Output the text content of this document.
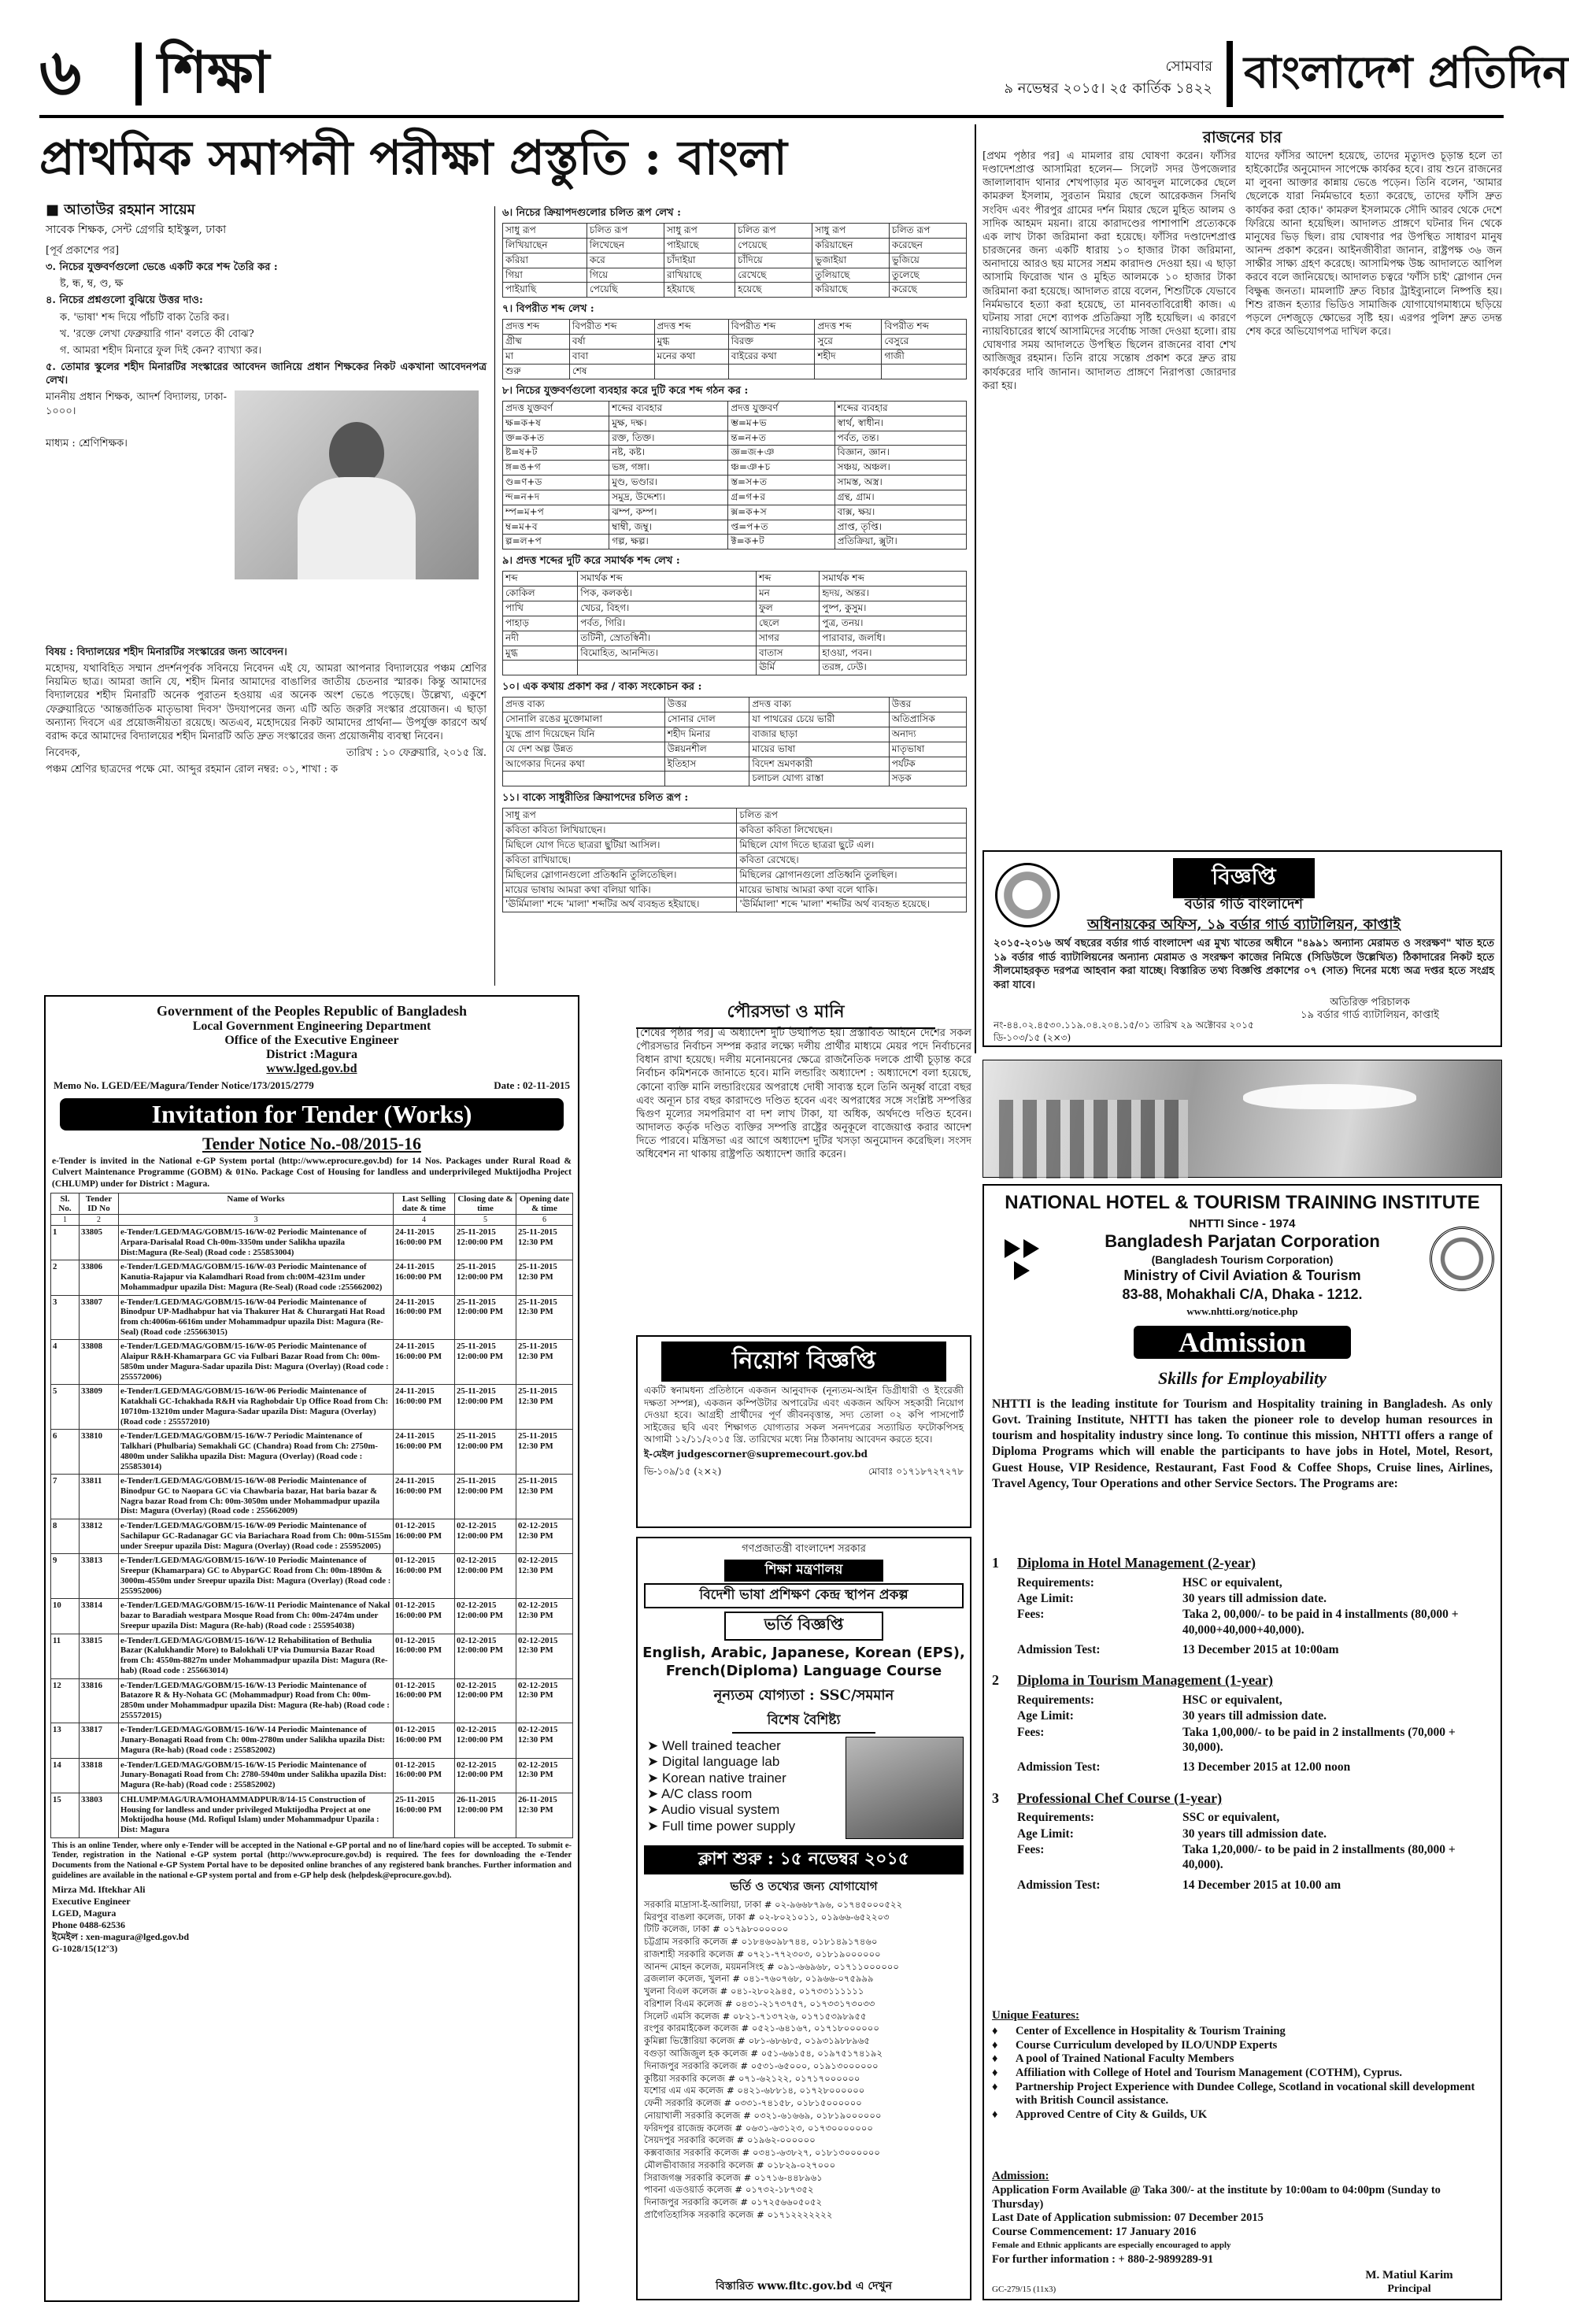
৬ শিক্ষা	সোমবার
৯ নভেম্বর ২০১৫। ২৫ কার্তিক ১৪২২ বাংলাদেশ প্রতিদিন
প্রাথমিক সমাপনী পরীক্ষা প্রস্তুতি : বাংলা
■ আতাউর রহমান সায়েম
সাবেক শিক্ষক, সেন্ট গ্রেগরি হাইস্কুল, ঢাকা

[পূর্ব প্রকাশের পর]

৩. নিচের যুক্তবর্ণগুলো ভেঙে একটি করে শব্দ তৈরি কর :

ষ্ট, ন্ধ, ম্ব, ণ্ড, ক্ষ

৪. নিচের প্রশ্নগুলো বুঝিয়ে উত্তর দাও:

ক. 'ভাষা' শব্দ দিয়ে পাঁচটি বাক্য তৈরি কর।

খ. 'রক্তে লেখা ফেব্রুয়ারি গান' বলতে কী বোঝ?

গ. আমরা শহীদ মিনারে ফুল দিই কেন? ব্যাখ্যা কর।

৫. তোমার স্কুলের শহীদ মিনারটির সংস্কারের আবেদন জানিয়ে প্রধান শিক্ষকের নিকট একখানা আবেদনপত্র লেখ।

মাননীয় প্রধান শিক্ষক, আদর্শ বিদ্যালয়, ঢাকা- ১০০০।

মাধ্যম : শ্রেণিশিক্ষক।

বিষয় : বিদ্যালয়ের শহীদ মিনারটির সংস্কারের জন্য আবেদন।

মহোদয়, যথাবিহিত সম্মান প্রদর্শনপূর্বক সবিনয়ে নিবেদন এই যে, আমরা আপনার বিদ্যালয়ের পঞ্চম শ্রেণির নিয়মিত ছাত্র। আমরা জানি যে, শহীদ মিনার আমাদের বাঙালির জাতীয় চেতনার স্মারক। কিন্তু আমাদের বিদ্যালয়ের শহীদ মিনারটি অনেক পুরাতন হওয়ায় এর অনেক অংশ ভেঙে পড়েছে। উল্লেখ্য, একুশে ফেব্রুয়ারিতে 'আন্তর্জাতিক মাতৃভাষা দিবস' উদযাপনের জন্য এটি অতি জরুরি সংস্কার প্রয়োজন। এ ছাড়া অন্যান্য দিবসে এর প্রয়োজনীয়তা রয়েছে। অতএব, মহোদয়ের নিকট আমাদের প্রার্থনা— উপর্যুক্ত কারণে অর্থ বরাদ্দ করে আমাদের বিদ্যালয়ের শহীদ মিনারটি অতি দ্রুত সংস্কারের জন্য প্রয়োজনীয় ব্যবস্থা নিবেন।

নিবেদক,	তারিখ : ১০ ফেব্রুয়ারি, ২০১৫ খ্রি.

পঞ্চম শ্রেণির ছাত্রদের পক্ষে মো. আব্দুর রহমান রোল নম্বর: ০১, শাখা : ক

৬। নিচের ক্রিয়াপদগুলোর চলিত রূপ লেখ :

সাধু রূপ	চলিত রূপ	সাধু রূপ	চলিত রূপ	সাধু রূপ	চলিত রূপ
লিখিয়াছেন	লিখেছেন	পাইয়াছে	পেয়েছে	করিয়াছেন	করেছেন
করিয়া	করে	চাঁদাইয়া	চাঁদিয়ে	ভুজাইয়া	ভুজিয়ে
গিয়া	গিয়ে	রাখিয়াছে	রেখেছে	তুলিয়াছে	তুলেছে
পাইয়াছি	পেয়েছি	হইয়াছে	হয়েছে	করিয়াছে	করেছে

৭। বিপরীত শব্দ লেখ :

প্রদত্ত শব্দ	বিপরীত শব্দ	প্রদত্ত শব্দ	বিপরীত শব্দ	প্রদত্ত শব্দ	বিপরীত শব্দ
গ্রীষ্ম	বর্ষা	মুগ্ধ	বিরক্ত	সুরে	বেসুরে
মা	বাবা	মনের কথা	বাইরের কথা	শহীদ	গাজী
শুরু	শেষ				

৮। নিচের যুক্তবর্ণগুলো ব্যবহার করে দুটি করে শব্দ গঠন কর :

প্রদত্ত যুক্তবর্ণ	শব্দের ব্যবহার	প্রদত্ত যুক্তবর্ণ	শব্দের ব্যবহার
ক্ষ=ক+ষ	মুক্ষ, দক্ষ।	ম্ভ=ম+ভ	স্বার্থ, স্বাধীন।
ক্ত=ক+ত	রক্ত, তিক্ত।	ন্ত=ন+ত	পর্বত, তন্ত।
ষ্ট=ষ+ট	নষ্ট, কষ্ট।	জ্ঞ=জ+ঞ	বিজ্ঞান, জ্ঞান।
ঙ্গ=ঙ+গ	ভঙ্গ, গঙ্গা।	ঞ্চ=ঞ+চ	সঞ্চয়, অঞ্চল।
ণ্ড=ণ+ড	মুণ্ড, ভণ্ডার।	স্ত=স+ত	সামস্ত, অস্ত্র।
ন্দ=ন+দ	সমুদ্র, উদ্দেশ্য।	গ্র=গ+র	গ্রন্থ, গ্রাম।
ম্প=ম+প	ঝম্প, কম্প।	ক্স=ক+স	বাক্স, ক্ষয়।
ম্ব=ম+ব	ম্বাম্বী, জম্বু।	প্ত=প+ত	প্রাপ্ত, তৃপ্তি।
ল্প=ল+প	গল্প, ক্ষল্প।	ক্ট=ক+ট	প্রতিক্রিয়া, ক্সুটা।

৯। প্রদত্ত শব্দের দুটি করে সমার্থক শব্দ লেখ :

শব্দ	সমার্থক শব্দ	শব্দ	সমার্থক শব্দ
কোকিল	পিক, কলকণ্ঠ।	মন	হৃদয়, অন্তর।
পাখি	খেচর, বিহগ।	ফুল	পুষ্প, কুসুম।
পাহাড়	পর্বত, গিরি।	ছেলে	পুত্র, তনয়।
নদী	তটিনী, স্রোতস্বিনী।	সাগর	পারাবার, জলধি।
মুগ্ধ	বিমোহিত, আনন্দিত।	বাতাস	হাওয়া, পবন।
		ঊর্মি	তরঙ্গ, ঢেউ।

১০। এক কথায় প্রকাশ কর / বাক্য সংকোচন কর :

প্রদত্ত বাক্য	উত্তর	প্রদত্ত বাক্য	উত্তর
সোনালি রঙের মুক্তোমালা	সোনার দোল	যা পাথরের চেয়ে ভারী	অতিপ্রাসিক
যুদ্ধে প্রাণ দিয়েছেন যিনি	শহীদ মিনার	বাজার ছাড়া	অনাদ্য
যে দেশ অল্প উন্নত	উন্নয়নশীল	মায়ের ভাষা	মাতৃভাষা
আগেকার দিনের কথা	ইতিহাস	বিদেশ ভ্রমণকারী	পর্যটক
		চলাচল যোগ্য রাস্তা	সড়ক

১১। বাক্যে সাধুরীতির ক্রিয়াপদের চলিত রূপ :

সাধু রূপ	চলিত রূপ
কবিতা কবিতা লিখিয়াছেন।	কবিতা কবিতা লিখেছেন।
মিছিলে যোগ দিতে ছাত্ররা ছুটিয়া আসিল।	মিছিলে যোগ দিতে ছাত্ররা ছুটে এল।
কবিতা রাখিয়াছে।	কবিতা রেখেছে।
মিছিলের স্লোগানগুলো প্রতিধ্বনি তুলিতেছিল।	মিছিলের স্লোগানগুলো প্রতিধ্বনি তুলছিল।
মায়ের ভাষায় আমরা কথা বলিয়া থাকি।	মায়ের ভাষায় আমরা কথা বলে থাকি।
'ঊর্মিমালা' শব্দে 'মালা' শব্দটির অর্থ ব্যবহৃত হইয়াছে।	'ঊর্মিমালা' শব্দে 'মালা' শব্দটির অর্থ ব্যবহৃত হয়েছে।
রাজনের চার
[প্রথম পৃষ্ঠার পর] এ মামলার রায় ঘোষণা করেন। ফাঁসির দণ্ডাদেশপ্রাপ্ত আসামিরা হলেন— সিলেট সদর উপজেলার জালালাবাদ থানার শেখপাড়ার মৃত আবদুল মালেকের ছেলে কামরুল ইসলাম, সুরতান মিয়ার ছেলে আরেকজন সিনথি সংবিদ এবং পীরপুর গ্রামের দর্শন মিয়ার ছেলে মুহিত আলম ও সাদিক আহমদ ময়না। রায়ে কারাদণ্ডের পাশাপাশি প্রত্যেককে এক লাখ টাকা জরিমানা করা হয়েছে। ফাঁসির দণ্ডাদেশপ্রাপ্ত চারজনের জন্য একটি ধারায় ১০ হাজার টাকা জরিমানা, অনাদায়ে আরও ছয় মাসের সশ্রম কারাদণ্ড দেওয়া হয়। এ ছাড়া আসামি ফিরোজ খান ও মুহিত আলমকে ১০ হাজার টাকা জরিমানা করা হয়েছে। আদালত রায়ে বলেন, শিশুটিকে যেভাবে নির্মমভাবে হত্যা করা হয়েছে, তা মানবতাবিরোধী কাজ। এ ঘটনায় সারা দেশে ব্যাপক প্রতিক্রিয়া সৃষ্টি হয়েছিল। এ কারণে ন্যায়বিচারের স্বার্থে আসামিদের সর্বোচ্চ সাজা দেওয়া হলো। রায় ঘোষণার সময় আদালতে উপস্থিত ছিলেন রাজনের বাবা শেখ আজিজুর রহমান। তিনি রায়ে সন্তোষ প্রকাশ করে দ্রুত রায় কার্যকরের দাবি জানান। আদালত প্রাঙ্গণে নিরাপত্তা জোরদার করা হয়।
যাদের ফাঁসির আদেশ হয়েছে, তাদের মৃত্যুদণ্ড চূড়ান্ত হলে তা হাইকোর্টের অনুমোদন সাপেক্ষে কার্যকর হবে। রায় শুনে রাজনের মা লুবনা আক্তার কান্নায় ভেঙে পড়েন। তিনি বলেন, 'আমার ছেলেকে যারা নির্মমভাবে হত্যা করেছে, তাদের ফাঁসি দ্রুত কার্যকর করা হোক।' কামরুল ইসলামকে সৌদি আরব থেকে দেশে ফিরিয়ে আনা হয়েছিল। আদালত প্রাঙ্গণে ঘটনার দিন থেকে মানুষের ভিড় ছিল। রায় ঘোষণার পর উপস্থিত সাধারণ মানুষ আনন্দ প্রকাশ করেন। আইনজীবীরা জানান, রাষ্ট্রপক্ষ ৩৬ জন সাক্ষীর সাক্ষ্য গ্রহণ করেছে। আসামিপক্ষ উচ্চ আদালতে আপিল করবে বলে জানিয়েছে। আদালত চত্বরে 'ফাঁসি চাই' স্লোগান দেন বিক্ষুব্ধ জনতা। মামলাটি দ্রুত বিচার ট্রাইব্যুনালে নিষ্পত্তি হয়। শিশু রাজন হত্যার ভিডিও সামাজিক যোগাযোগমাধ্যমে ছড়িয়ে পড়লে দেশজুড়ে ক্ষোভের সৃষ্টি হয়। এরপর পুলিশ দ্রুত তদন্ত শেষ করে অভিযোগপত্র দাখিল করে।
বিজ্ঞপ্তি
বর্ডার গার্ড বাংলাদেশ
অধিনায়কের অফিস, ১৯ বর্ডার গার্ড ব্যাটালিয়ন, কাপ্তাই
২০১৫-২০১৬ অর্থ বছরের বর্ডার গার্ড বাংলাদেশ এর মুখ্য খাতের অধীনে "৪৯৯১ অন্যান্য মেরামত ও সংরক্ষণ" খাত হতে ১৯ বর্ডার গার্ড ব্যাটালিয়নের অন্যান্য মেরামত ও সংরক্ষণ কাজের নিমিত্তে (সিডিউলে উল্লেখিত) ঠিকাদারের নিকট হতে সীলমোহরকৃত দরপত্র আহবান করা যাচ্ছে। বিস্তারিত তথ্য বিজ্ঞপ্তি প্রকাশের ০৭ (সাত) দিনের মধ্যে অত্র দপ্তর হতে সংগ্রহ করা যাবে।
অতিরিক্ত পরিচালক
১৯ বর্ডার গার্ড ব্যাটালিয়ন, কাপ্তাই
নং-৪৪.০২.৪৫৩০.১১৯.০৪.২০৪.১৫/০১ তারিখ ২৯ অক্টোবর ২০১৫
ডি-১০৩/১৫ (২×৩)
Government of the Peoples Republic of Bangladesh
Local Government Engineering Department
Office of the Executive Engineer
District :Magura
www.lged.gov.bd
Memo No. LGED/EE/Magura/Tender Notice/173/2015/2779	Date : 02-11-2015
Invitation for Tender (Works)
Tender Notice No.-08/2015-16
e-Tender is invited in the National e-GP System portal (http://www.eprocure.gov.bd) for 14 Nos. Packages under Rural Road & Culvert Maintenance Programme (GOBM) & 01No. Package Cost of Housing for landless and underprivileged Muktijodha Project (CHLUMP) under for District : Magura.
Sl. No.	Tender ID No	Name of Works	Last Selling date & time	Closing date & time	Opening date & time
1	2	3	4	5	6
1	33805	e-Tender/LGED/MAG/GOBM/15-16/W-02 Periodic Maintenance of Arpara-Darisalal Road Ch-00m-3350m under Salikha upazila Dist:Magura (Re-Seal) (Road code : 255853004)	24-11-2015 16:00:00 PM	25-11-2015 12:00:00 PM	25-11-2015 12:30 PM
2	33806	e-Tender/LGED/MAG/GOBM/15-16/W-03 Periodic Maintenance of Kanutia-Rajapur via Kalamdhari Road from ch:00M-4231m under Mohammadpur upazila Dist: Magura (Re-Seal) (Road code :255662002)	24-11-2015 16:00:00 PM	25-11-2015 12:00:00 PM	25-11-2015 12:30 PM
3	33807	e-Tender/LGED/MAG/GOBM/15-16/W-04 Periodic Maintenance of Binodpur UP-Madhabpur hat via Thakurer Hat & Churargati Hat Road from ch:4006m-6616m under Mohammadpur upazila Dist: Magura (Re-Seal) (Road code :255663015)	24-11-2015 16:00:00 PM	25-11-2015 12:00:00 PM	25-11-2015 12:30 PM
4	33808	e-Tender/LGED/MAG/GOBM/15-16/W-05 Periodic Maintenance of Alaipur R&H-Khamarpara GC via Fulbari Bazar Road from Ch: 00m-5850m under Magura-Sadar upazila Dist: Magura (Overlay) (Road code : 255572006)	24-11-2015 16:00:00 PM	25-11-2015 12:00:00 PM	25-11-2015 12:30 PM
5	33809	e-Tender/LGED/MAG/GOBM/15-16/W-06 Periodic Maintenance of Katakhali GC-Ichakhada R&H via Raghobdair Up Office Road from Ch: 10710m-13210m under Magura-Sadar upazila Dist: Magura (Overlay) (Road code : 255572010)	24-11-2015 16:00:00 PM	25-11-2015 12:00:00 PM	25-11-2015 12:30 PM
6	33810	e-Tender/LGED/MAG/GOBM/15-16/W-7 Periodic Maintenance of Talkhari (Phulbaria) Semakhali GC (Chandra) Road from Ch: 2750m-4800m under Salikha upazila Dist: Magura (Overlay) (Road code : 255853014)	24-11-2015 16:00:00 PM	25-11-2015 12:00:00 PM	25-11-2015 12:30 PM
7	33811	e-Tender/LGED/MAG/GOBM/15-16/W-08 Periodic Maintenance of Binodpur GC to Naopara GC via Chawbaria bazar, Hat baria bazar & Nagra bazar Road from Ch: 00m-3050m under Mohammadpur upazila Dist: Magura (Overlay) (Road code : 255662009)	24-11-2015 16:00:00 PM	25-11-2015 12:00:00 PM	25-11-2015 12:30 PM
8	33812	e-Tender/LGED/MAG/GOBM/15-16/W-09 Periodic Maintenance of Sachilapur GC-Radanagar GC via Bariachara Road from Ch: 00m-5155m under Sreepur upazila Dist: Magura (Overlay) (Road code : 255952005)	01-12-2015 16:00:00 PM	02-12-2015 12:00:00 PM	02-12-2015 12:30 PM
9	33813	e-Tender/LGED/MAG/GOBM/15-16/W-10 Periodic Maintenance of Sreepur (Khamarpara) GC to AbyparGC Road from Ch: 00m-1890m & 3000m-4550m under Sreepur upazila Dist: Magura (Overlay) (Road code : 255952006)	01-12-2015 16:00:00 PM	02-12-2015 12:00:00 PM	02-12-2015 12:30 PM
10	33814	e-Tender/LGED/MAG/GOBM/15-16/W-11 Periodic Maintenance of Nakal bazar to Baradiah westpara Mosque Road from Ch: 00m-2474m under Sreepur upazila Dist: Magura (Re-hab) (Road code : 255954038)	01-12-2015 16:00:00 PM	02-12-2015 12:00:00 PM	02-12-2015 12:30 PM
11	33815	e-Tender/LGED/MAG/GOBM/15-16/W-12 Rehabilitation of Bethulia Bazar (Kalukhandir More) to Balokhali UP via Dumursia Bazar Road from Ch: 4550m-8827m under Mohammadpur upazila Dist: Magura (Re-hab) (Road code : 255663014)	01-12-2015 16:00:00 PM	02-12-2015 12:00:00 PM	02-12-2015 12:30 PM
12	33816	e-Tender/LGED/MAG/GOBM/15-16/W-13 Periodic Maintenance of Batazore R & Hy-Nohata GC (Mohammadpur) Road from Ch: 00m-2850m under Mohammadpur upazila Dist: Magura (Re-hab) (Road code : 255572015)	01-12-2015 16:00:00 PM	02-12-2015 12:00:00 PM	02-12-2015 12:30 PM
13	33817	e-Tender/LGED/MAG/GOBM/15-16/W-14 Periodic Maintenance of Junary-Bonagati Road from Ch: 00m-2780m under Salikha upazila Dist: Magura (Re-hab) (Road code : 255852002)	01-12-2015 16:00:00 PM	02-12-2015 12:00:00 PM	02-12-2015 12:30 PM
14	33818	e-Tender/LGED/MAG/GOBM/15-16/W-15 Periodic Maintenance of Junary-Bonagati Road from Ch: 2780-5940m under Salikha upazila Dist: Magura (Re-hab) (Road code : 255852002)	01-12-2015 16:00:00 PM	02-12-2015 12:00:00 PM	02-12-2015 12:30 PM
15	33803	CHLUMP/MAG/URA/MOHAMMADPUR/8/14-15 Construction of Housing for landless and under privileged Muktijodha Project at one Moktijodha house (Md. Rofiqul Islam) under Mohammadpur Upazila : Dist: Magura	25-11-2015 16:00:00 PM	26-11-2015 12:00:00 PM	26-11-2015 12:30 PM
This is an online Tender, where only e-Tender will be accepted in the National e-GP portal and no of line/hard copies will be accepted. To submit e-Tender, registration in the National e-GP system portal (http://www.eprocure.gov.bd) is required. The fees for downloading the e-Tender Documents from the National e-GP System Portal have to be deposited online branches of any registered bank branches. Further information and guidelines are available in the national e-GP system portal and from e-GP help desk (helpdesk@eprocure.gov.bd).
Mirza Md. Iftekhar Ali
Executive Engineer
LGED, Magura
Phone 0488-62536
ইমেইল : xen-magura@lged.gov.bd
G-1028/15(12˟3)
পৌরসভা ও মানি
[শেষের পৃষ্ঠার পর] এ অধ্যাদেশ দুটি উত্থাপিত হয়। প্রস্তাবিত আইনে দেশের সকল পৌরসভার নির্বাচন সম্পন্ন করার লক্ষ্যে দলীয় প্রার্থীর মাধ্যমে মেয়র পদে নির্বাচনের বিধান রাখা হয়েছে। দলীয় মনোনয়নের ক্ষেত্রে রাজনৈতিক দলকে প্রার্থী চূড়ান্ত করে নির্বাচন কমিশনকে জানাতে হবে। মানি লন্ডারিং অধ্যাদেশ : অধ্যাদেশে বলা হয়েছে, কোনো ব্যক্তি মানি লন্ডারিংয়ের অপরাধে দোষী সাব্যস্ত হলে তিনি অনূর্ধ্ব বারো বছর এবং অন্যূন চার বছর কারাদণ্ডে দণ্ডিত হবেন এবং অপরাধের সঙ্গে সংশ্লিষ্ট সম্পত্তির দ্বিগুণ মূল্যের সমপরিমাণ বা দশ লাখ টাকা, যা অধিক, অর্থদণ্ডে দণ্ডিত হবেন। আদালত কর্তৃক দণ্ডিত ব্যক্তির সম্পত্তি রাষ্ট্রের অনুকূলে বাজেয়াপ্ত করার আদেশ দিতে পারবে। মন্ত্রিসভা এর আগে অধ্যাদেশ দুটির খসড়া অনুমোদন করেছিল। সংসদ অধিবেশন না থাকায় রাষ্ট্রপতি অধ্যাদেশ জারি করেন।
নিয়োগ বিজ্ঞপ্তি
একটি স্বনামধন্য প্রতিষ্ঠানে একজন আনুবাদক (নূন্যতম-আইন ডিগ্রীধারী ও ইংরেজী দক্ষতা সম্পন্ন), একজন কম্পিউটার অপারেটর এবং একজন অফিস সহকারী নিয়োগ দেওয়া হবে। আগ্রহী প্রার্থীদের পূর্ণ জীবনবৃত্তান্ত, সদ্য তোলা ০২ কপি পাসপোর্ট সাইজের ছবি এবং শিক্ষাগত যোগ্যতার সকল সনদপত্রের সত্যায়িত ফটোকপিসহ আগামী ১২/১১/২০১৫ খ্রি. তারিখের মধ্যে নিম্ন ঠিকানায় আবেদন করতে হবে।
ই-মেইল judgescorner@supremecourt.gov.bd
ভি-১০৯/১৫ (২×২)	মোবাঃ ০১৭১৮৭২৭২৭৮
গণপ্রজাতন্ত্রী বাংলাদেশ সরকার
শিক্ষা মন্ত্রণালয়
বিদেশী ভাষা প্রশিক্ষণ কেন্দ্র স্থাপন প্রকল্প
ভর্তি বিজ্ঞপ্তি
English, Arabic, Japanese, Korean (EPS), French(Diploma) Language Course
নূন্যতম যোগ্যতা : SSC/সমমান
বিশেষ বৈশিষ্ট্য
➤ Well trained teacher
➤ Digital language lab
➤ Korean native trainer
➤ A/C class room
➤ Audio visual system
➤ Full time power supply
ক্লাশ শুরু : ১৫ নভেম্বর ২০১৫
ভর্তি ও তথ্যের জন্য যোগাযোগ
সরকারি মাদ্রাসা-ই-আলিয়া, ঢাকা # ০২-৯৬৬৮৭৯৬, ০১৭৪৫০০০৫২২
মিরপুর বাঙলা কলেজ, ঢাকা # ০২-৮০২১০১১, ০১৯৬৬-৬৫২২০৩
টিটি কলেজ, ঢাকা # ০১৭৯৮০০০০০০
চট্টগ্রাম সরকারি কলেজ # ০১৮৪৬০৯৮৭৪৪, ০১৮১৪৯১৭৪৬০
রাজশাহী সরকারি কলেজ # ০৭২১-৭৭২৩০৩, ০১৮১৯০০০০০০
আনন্দ মোহন কলেজ, ময়মনসিংহ # ০৯১-৬৬৯৬৮, ০১৭১১০০০০০০
ব্রজলাল কলেজ, খুলনা # ০৪১-৭৬০৭৬৮, ০১৯৬৬-০৭৫৯৯৯
খুলনা বিএল কলেজ # ০৪১-২৮০২৯৪৫, ০১৭৩৩১১১১১১
বরিশাল বিএম কলেজ # ০৪৩১-২১৭৩৭৫৭, ০১৭৩৩১৭৩০৩৩
সিলেট এমসি কলেজ # ০৮২১-৭১৩৭২৬, ০১৭১৫৩৯৮৯৫৫
রংপুর কারমাইকেল কলেজ # ০৫২১-৬৪১৬৭, ০১৭১৮০০০০০০
কুমিল্লা ভিক্টোরিয়া কলেজ # ০৮১-৬৮৬৮৫, ০১৯৩১৯৮৮৯৬৫
বগুড়া আজিজুল হক কলেজ # ০৫১-৬৬১৫৪, ০১৯৭৫১৭৪১৯২
দিনাজপুর সরকারি কলেজ # ০৫৩১-৬৫০০০, ০১৯১৩০০০০০০
কুষ্টিয়া সরকারি কলেজ # ০৭১-৬২১২২, ০১৭১৭০০০০০০
যশোর এম এম কলেজ # ০৪২১-৬৮৮১৪, ০১৭২৮০০০০০০
ফেনী সরকারি কলেজ # ০৩৩১-৭৪১৫৮, ০১৮১৫০০০০০০
নোয়াখালী সরকারি কলেজ # ০৩২১-৬১৬৬৯, ০১৮১৯০০০০০০
ফরিদপুর রাজেন্দ্র কলেজ # ০৬৩১-৬৩১২৩, ০১৭৩০০০০০০০
সৈয়দপুর সরকারি কলেজ # ০১৯৬২-০০০০০০
কক্সবাজার সরকারি কলেজ # ০৩৪১-৬৩৮২৭, ০১৮১৩০০০০০০
মৌলভীবাজার সরকারি কলেজ # ০১৮২৯-০২৭০০০
সিরাজগঞ্জ সরকারি কলেজ # ০১৭১৬-৪৪৮৯৬১
পাবনা এডওয়ার্ড কলেজ # ০১৭৩২-১৮৭৩৫২
দিনাজপুর সরকারি কলেজ # ০১৭২৫৬৬০৫০৫২
প্রাগৈতিহাসিক সরকারি কলেজ # ০১৭১২২২২২২২
বিস্তারিত www.fltc.gov.bd এ দেখুন
NATIONAL HOTEL & TOURISM TRAINING INSTITUTE
NHTTI Since - 1974
Bangladesh Parjatan Corporation
(Bangladesh Tourism Corporation)
Ministry of Civil Aviation & Tourism
83-88, Mohakhali C/A, Dhaka - 1212.
www.nhtti.org/notice.php
Admission
Skills for Employability
NHTTI is the leading institute for Tourism and Hospitality training in Bangladesh. As only Govt. Training Institute, NHTTI has taken the pioneer role to develop human resources in tourism and hospitality industry since long. To continue this mission, NHTTI offers a range of Diploma Programs which will enable the participants to have jobs in Hotel, Motel, Resort, Guest House, VIP Residence, Restaurant, Fast Food & Coffee Shops, Cruise lines, Airlines, Travel Agency, Tour Operations and other Service Sectors. The Programs are:
1	Diploma in Hotel Management (2-year)
Requirements:	HSC or equivalent,
Age Limit:	30 years till admission date.
Fees:	Taka 2, 00,000/- to be paid in 4 installments (80,000 + 40,000+40,000+40,000).
Admission Test:	13 December 2015 at 10:00am
2	Diploma in Tourism Management (1-year)
Requirements:	HSC or equivalent,
Age Limit:	30 years till admission date.
Fees:	Taka 1,00,000/- to be paid in 2 installments (70,000 + 30,000).
Admission Test:	13 December 2015 at 12.00 noon
3	Professional Chef Course (1-year)
Requirements:	SSC or equivalent,
Age Limit:	30 years till admission date.
Fees:	Taka 1,20,000/- to be paid in 2 installments (80,000 + 40,000).
Admission Test:	14 December 2015 at 10.00 am
Unique Features:
♦	Center of Excellence in Hospitality & Tourism Training
♦	Course Curriculum developed by ILO/UNDP Experts
♦	A pool of Trained National Faculty Members
♦	Affiliation with College of Hotel and Tourism Management (COTHM), Cyprus.
♦	Partnership Project Experience with Dundee College, Scotland in vocational skill development with British Council assistance.
♦	Approved Centre of City & Guilds, UK
Admission:
Application Form Available @ Taka 300/- at the institute by 10:00am to 04:00pm (Sunday to Thursday)
Last Date of Application submission: 07 December 2015
Course Commencement: 17 January 2016
Female and Ethnic applicants are especially encouraged to apply
For further information : + 880-2-9899289-91
M. Matiul Karim
Principal
GC-279/15 (11x3)
